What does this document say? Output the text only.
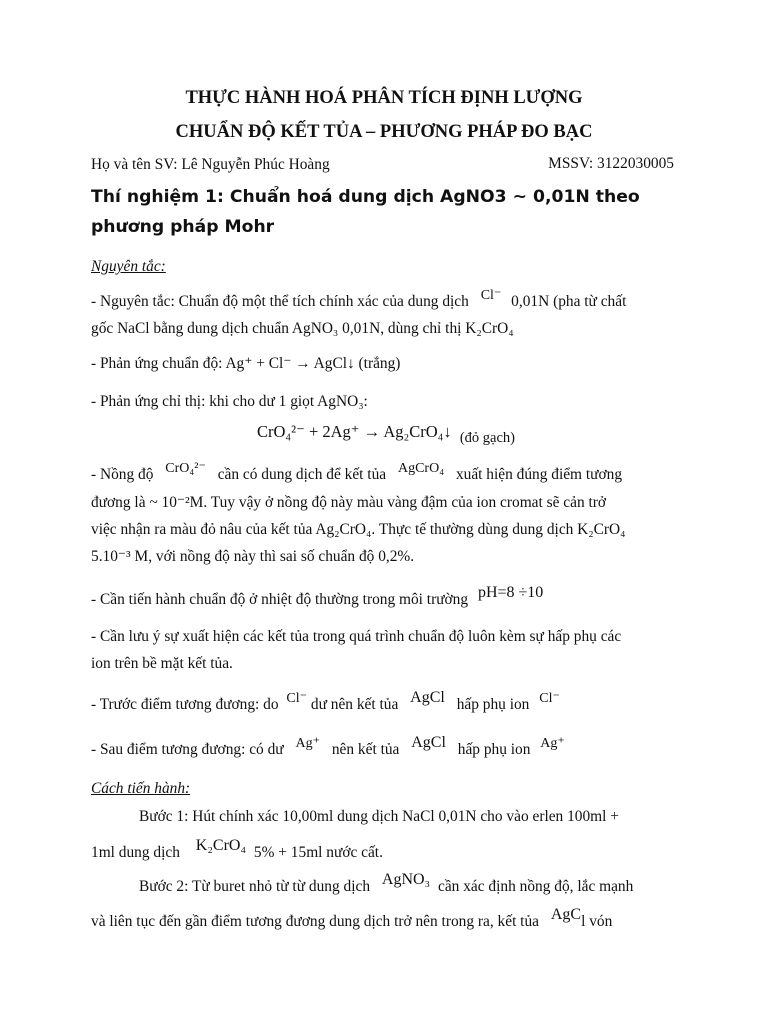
THỰC HÀNH HOÁ PHÂN TÍCH ĐỊNH LƯỢNG
CHUẨN ĐỘ KẾT TỦA – PHƯƠNG PHÁP ĐO BẠC
Họ và tên SV: Lê Nguyễn Phúc Hoàng	MSSV: 3122030005
Thí nghiệm 1: Chuẩn hoá dung dịch AgNO3 ~ 0,01N theo
phương pháp Mohr
Nguyên tắc:
- Nguyên tắc: Chuẩn độ một thể tích chính xác của dung dịch Cl⁻ 0,01N (pha từ chất
gốc NaCl bằng dung dịch chuẩn AgNO₃ 0,01N, dùng chỉ thị K₂CrO₄
- Phản ứng chuẩn độ: Ag⁺ + Cl⁻ → AgCl↓ (trắng)
- Phản ứng chỉ thị: khi cho dư 1 giọt AgNO₃:
CrO₄²⁻ + 2Ag⁺ → Ag₂CrO₄↓ (đỏ gạch)
- Nồng độ CrO₄²⁻ cần có dung dịch để kết tủa AgCrO₄ xuất hiện đúng điểm tương
đương là ~ 10⁻²M. Tuy vậy ở nồng độ này màu vàng đậm của ion cromat sẽ cản trở
việc nhận ra màu đỏ nâu của kết tủa Ag₂CrO₄. Thực tế thường dùng dung dịch K₂CrO₄
5.10⁻³ M, với nồng độ này thì sai số chuẩn độ 0,2%.
- Cần tiến hành chuẩn độ ở nhiệt độ thường trong môi trường pH=8 ÷10
- Cần lưu ý sự xuất hiện các kết tủa trong quá trình chuẩn độ luôn kèm sự hấp phụ các
ion trên bề mặt kết tủa.
- Trước điểm tương đương: do Cl⁻ dư nên kết tủa AgCl hấp phụ ion Cl⁻
- Sau điểm tương đương: có dư Ag⁺ nên kết tủa AgCl hấp phụ ion Ag⁺
Cách tiến hành:
Bước 1: Hút chính xác 10,00ml dung dịch NaCl 0,01N cho vào erlen 100ml +
1ml dung dịch K₂CrO₄ 5% + 15ml nước cất.
Bước 2: Từ buret nhỏ từ từ dung dịch AgNO₃ cần xác định nồng độ, lắc mạnh
và liên tục đến gần điểm tương đương dung dịch trở nên trong ra, kết tủa AgCl vón
